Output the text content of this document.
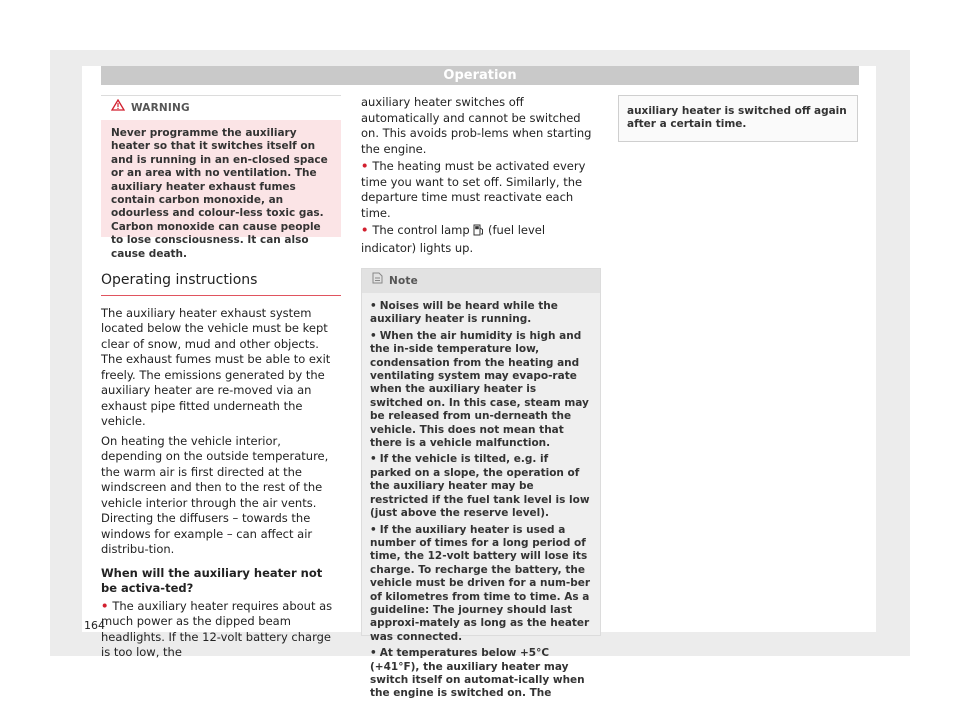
Operation
WARNING
Never programme the auxiliary heater so that it switches itself on and is running in an en-closed space or an area with no ventilation. The auxiliary heater exhaust fumes contain carbon monoxide, an odourless and colour-less toxic gas. Carbon monoxide can cause people to lose consciousness. It can also cause death.
Operating instructions

The auxiliary heater exhaust system located below the vehicle must be kept clear of snow, mud and other objects. The exhaust fumes must be able to exit freely. The emissions generated by the auxiliary heater are re-moved via an exhaust pipe fitted underneath the vehicle.

On heating the vehicle interior, depending on the outside temperature, the warm air is first directed at the windscreen and then to the rest of the vehicle interior through the air vents. Directing the diffusers – towards the windows for example – can affect air distribu-tion.

When will the auxiliary heater not be activa-ted?
• The auxiliary heater requires about as much power as the dipped beam headlights. If the 12-volt battery charge is too low, the
auxiliary heater switches off automatically and cannot be switched on. This avoids prob-lems when starting the engine.
• The heating must be activated every time you want to set off. Similarly, the departure time must reactivate each time.
• The control lamp (fuel level indicator) lights up.
Note
• Noises will be heard while the auxiliary heater is running.
• When the air humidity is high and the in-side temperature low, condensation from the heating and ventilating system may evapo-rate when the auxiliary heater is switched on. In this case, steam may be released from un-derneath the vehicle. This does not mean that there is a vehicle malfunction.
• If the vehicle is tilted, e.g. if parked on a slope, the operation of the auxiliary heater may be restricted if the fuel tank level is low (just above the reserve level).
• If the auxiliary heater is used a number of times for a long period of time, the 12-volt battery will lose its charge. To recharge the battery, the vehicle must be driven for a num-ber of kilometres from time to time. As a guideline: The journey should last approxi-mately as long as the heater was connected.
• At temperatures below +5°C (+41°F), the auxiliary heater may switch itself on automat-ically when the engine is switched on. The
auxiliary heater is switched off again after a certain time.
164
